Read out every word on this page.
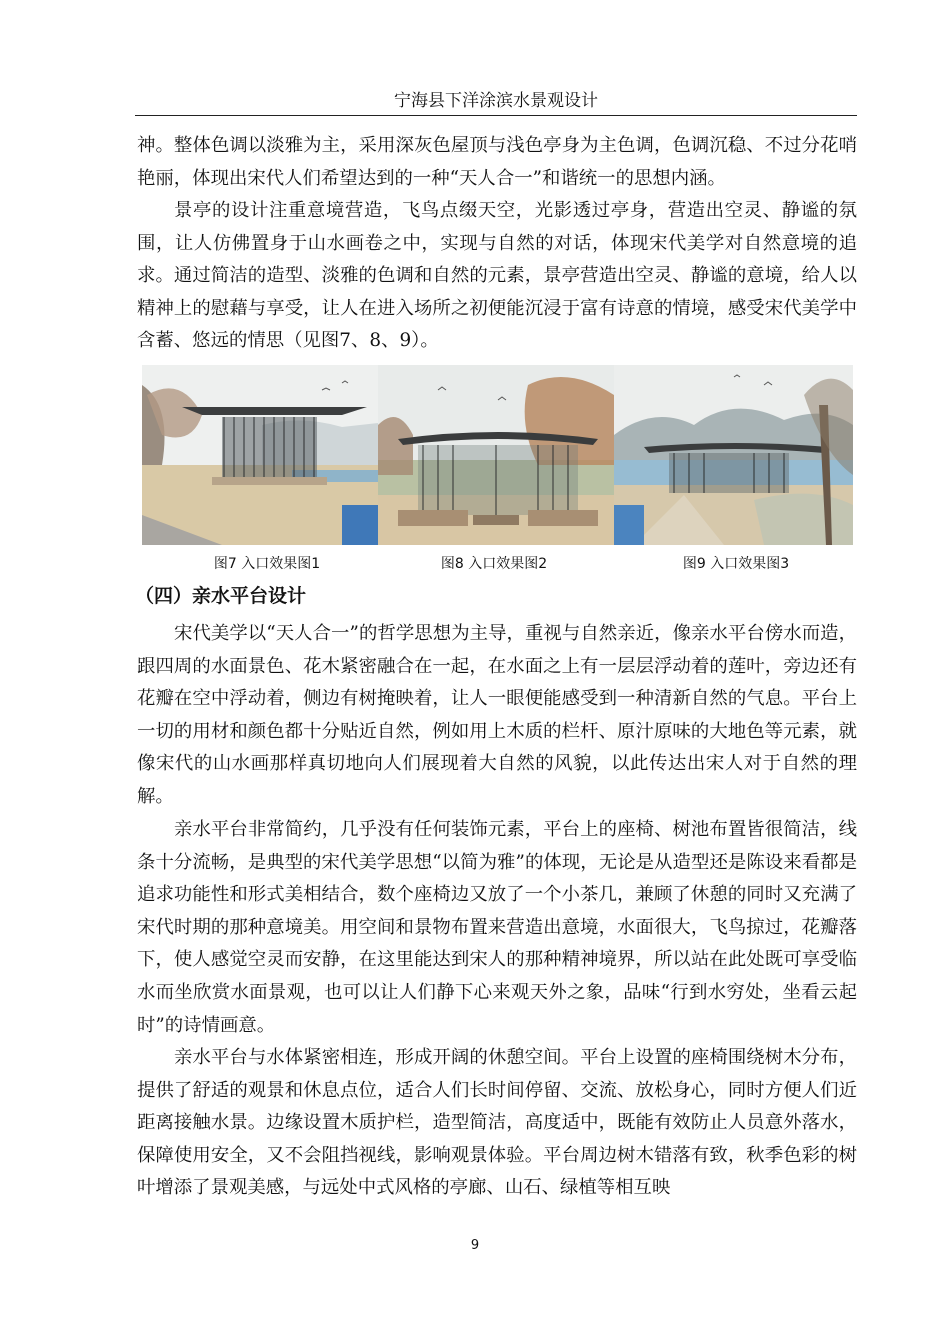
宁海县下洋涂滨水景观设计

神。整体色调以淡雅为主，采用深灰色屋顶与浅色亭身为主色调，色调沉稳、不过分花哨艳丽，体现出宋代人们希望达到的一种“天人合一”和谐统一的思想内涵。

景亭的设计注重意境营造，飞鸟点缀天空，光影透过亭身，营造出空灵、静谧的氛围，让人仿佛置身于山水画卷之中，实现与自然的对话，体现宋代美学对自然意境的追求。通过简洁的造型、淡雅的色调和自然的元素，景亭营造出空灵、静谧的意境，给人以精神上的慰藉与享受，让人在进入场所之初便能沉浸于富有诗意的情境，感受宋代美学中含蓄、悠远的情思（见图7、8、9）。

图7 入口效果图1	图8 入口效果图2	图9 入口效果图3
（四）亲水平台设计

宋代美学以“天人合一”的哲学思想为主导，重视与自然亲近，像亲水平台傍水而造，跟四周的水面景色、花木紧密融合在一起，在水面之上有一层层浮动着的莲叶，旁边还有花瓣在空中浮动着，侧边有树掩映着，让人一眼便能感受到一种清新自然的气息。平台上一切的用材和颜色都十分贴近自然，例如用上木质的栏杆、原汁原味的大地色等元素，就像宋代的山水画那样真切地向人们展现着大自然的风貌，以此传达出宋人对于自然的理解。

亲水平台非常简约，几乎没有任何装饰元素，平台上的座椅、树池布置皆很简洁，线条十分流畅，是典型的宋代美学思想“以简为雅”的体现，无论是从造型还是陈设来看都是追求功能性和形式美相结合，数个座椅边又放了一个小茶几，兼顾了休憩的同时又充满了宋代时期的那种意境美。用空间和景物布置来营造出意境，水面很大，飞鸟掠过，花瓣落下，使人感觉空灵而安静，在这里能达到宋人的那种精神境界，所以站在此处既可享受临水而坐欣赏水面景观，也可以让人们静下心来观天外之象，品味“行到水穷处，坐看云起时”的诗情画意。

亲水平台与水体紧密相连，形成开阔的休憩空间。平台上设置的座椅围绕树木分布，提供了舒适的观景和休息点位，适合人们长时间停留、交流、放松身心，同时方便人们近距离接触水景。边缘设置木质护栏，造型简洁，高度适中，既能有效防止人员意外落水，保障使用安全，又不会阻挡视线，影响观景体验。平台周边树木错落有致，秋季色彩的树叶增添了景观美感，与远处中式风格的亭廊、山石、绿植等相互映

9
